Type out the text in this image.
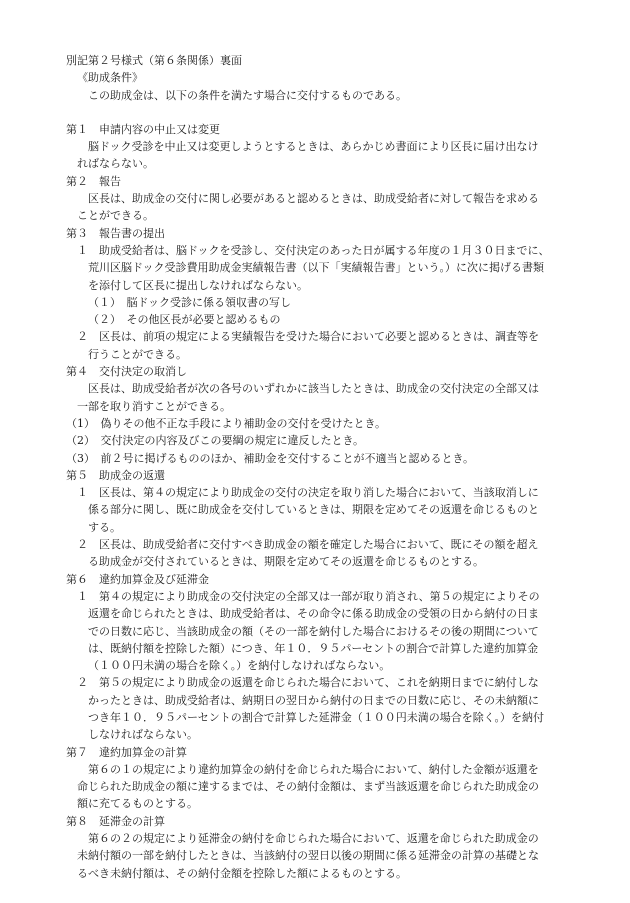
別記第２号様式（第６条関係）裏面
《助成条件》
この助成金は、以下の条件を満たす場合に交付するものである。
第１　申請内容の中止又は変更
脳ドック受診を中止又は変更しようとするときは、あらかじめ書面により区長に届け出なけ
ればならない。
第２　報告
区長は、助成金の交付に関し必要があると認めるときは、助成受給者に対して報告を求める
ことができる。
第３　報告書の提出
１　助成受給者は、脳ドックを受診し、交付決定のあった日が属する年度の１月３０日までに、
荒川区脳ドック受診費用助成金実績報告書（以下「実績報告書」という。）に次に掲げる書類
を添付して区長に提出しなければならない。
（１）　脳ドック受診に係る領収書の写し
（２）　その他区長が必要と認めるもの
２　区長は、前項の規定による実績報告を受けた場合において必要と認めるときは、調査等を
行うことができる。
第４　交付決定の取消し
区長は、助成受給者が次の各号のいずれかに該当したときは、助成金の交付決定の全部又は
一部を取り消すことができる。
（1）　偽りその他不正な手段により補助金の交付を受けたとき。
（2）　交付決定の内容及びこの要綱の規定に違反したとき。
（3）　前２号に掲げるもののほか、補助金を交付することが不適当と認めるとき。
第５　助成金の返還
１　区長は、第４の規定により助成金の交付の決定を取り消した場合において、当該取消しに
係る部分に関し、既に助成金を交付しているときは、期限を定めてその返還を命じるものと
する。
２　区長は、助成受給者に交付すべき助成金の額を確定した場合において、既にその額を超え
る助成金が交付されているときは、期限を定めてその返還を命じるものとする。
第６　違約加算金及び延滞金
１　第４の規定により助成金の交付決定の全部又は一部が取り消され、第５の規定によりその
返還を命じられたときは、助成受給者は、その命令に係る助成金の受領の日から納付の日ま
での日数に応じ、当該助成金の額（その一部を納付した場合におけるその後の期間について
は、既納付額を控除した額）につき、年１０．９５パーセントの割合で計算した違約加算金
（１００円未満の場合を除く。）を納付しなければならない。
２　第５の規定により助成金の返還を命じられた場合において、これを納期日までに納付しな
かったときは、助成受給者は、納期日の翌日から納付の日までの日数に応じ、その未納額に
つき年１０．９５パーセントの割合で計算した延滞金（１００円未満の場合を除く。）を納付
しなければならない。
第７　違約加算金の計算
第６の１の規定により違約加算金の納付を命じられた場合において、納付した金額が返還を
命じられた助成金の額に達するまでは、その納付金額は、まず当該返還を命じられた助成金の
額に充てるものとする。
第８　延滞金の計算
第６の２の規定により延滞金の納付を命じられた場合において、返還を命じられた助成金の
未納付額の一部を納付したときは、当該納付の翌日以後の期間に係る延滞金の計算の基礎とな
るべき未納付額は、その納付金額を控除した額によるものとする。
